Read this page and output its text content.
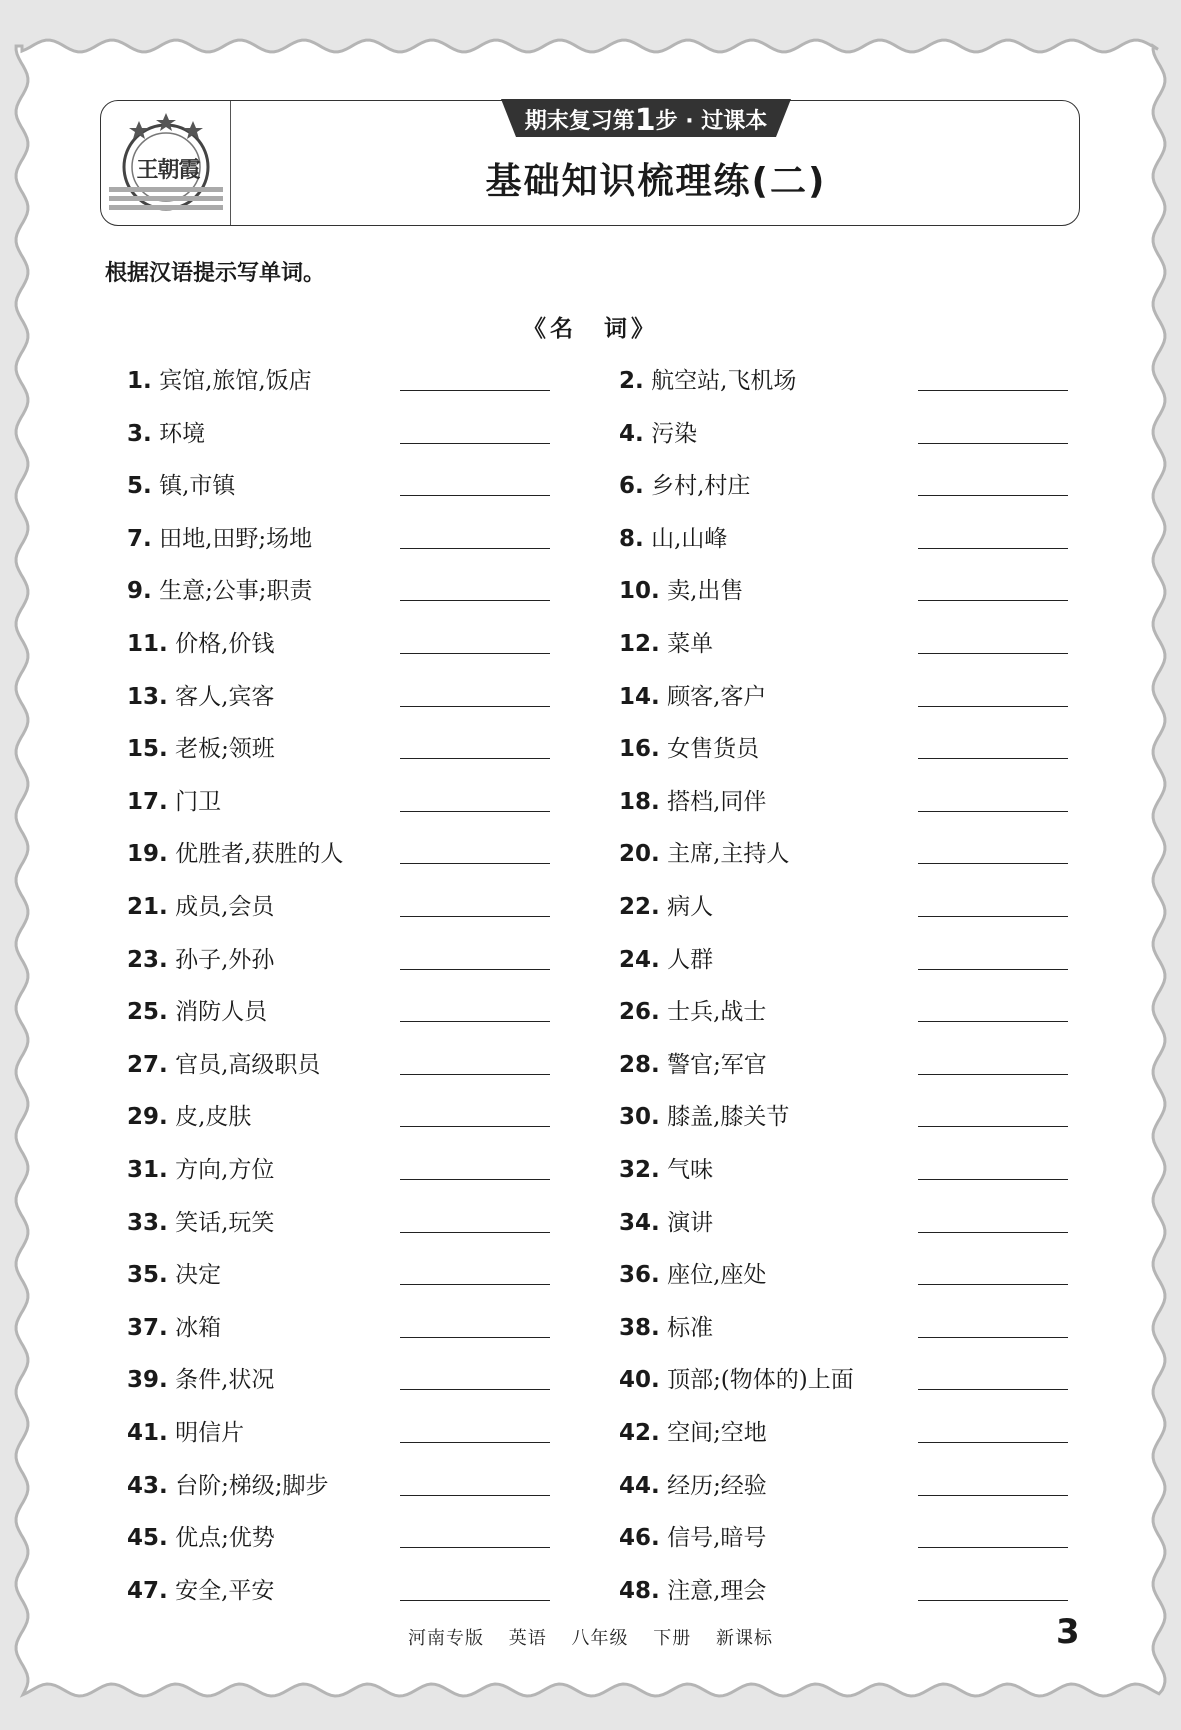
王朝霞
期末复习第1步 · 过课本
基础知识梳理练(二)
根据汉语提示写单词。
《名　词》
1. 宾馆,旅馆,饭店	2. 航空站,飞机场
3. 环境	4. 污染
5. 镇,市镇	6. 乡村,村庄
7. 田地,田野;场地	8. 山,山峰
9. 生意;公事;职责	10. 卖,出售
11. 价格,价钱	12. 菜单
13. 客人,宾客	14. 顾客,客户
15. 老板;领班	16. 女售货员
17. 门卫	18. 搭档,同伴
19. 优胜者,获胜的人	20. 主席,主持人
21. 成员,会员	22. 病人
23. 孙子,外孙	24. 人群
25. 消防人员	26. 士兵,战士
27. 官员,高级职员	28. 警官;军官
29. 皮,皮肤	30. 膝盖,膝关节
31. 方向,方位	32. 气味
33. 笑话,玩笑	34. 演讲
35. 决定	36. 座位,座处
37. 冰箱	38. 标准
39. 条件,状况	40. 顶部;(物体的)上面
41. 明信片	42. 空间;空地
43. 台阶;梯级;脚步	44. 经历;经验
45. 优点;优势	46. 信号,暗号
47. 安全,平安	48. 注意,理会
河南专版 英语 八年级 下册 新课标	3
